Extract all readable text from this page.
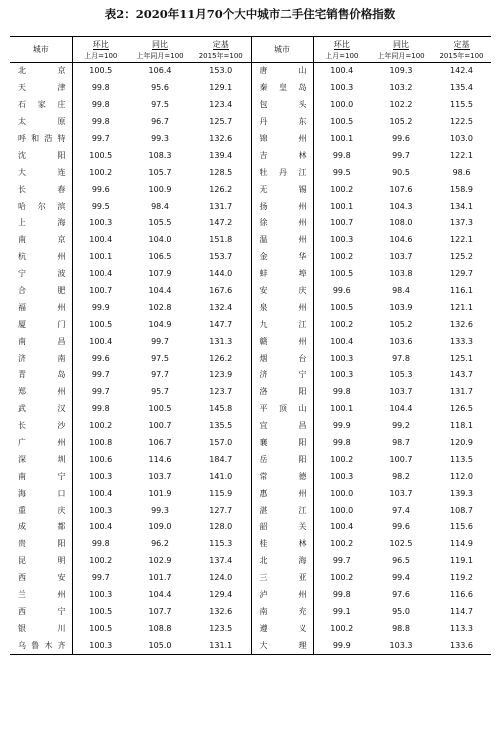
表2：2020年11月70个大中城市二手住宅销售价格指数
城市	环比	同比	定基	城市	环比	同比	定基
	上月=100	上年同月=100	2015年=100		上月=100	上年同月=100	2015年=100
北京	100.5	106.4	153.0	唐山	100.4	109.3	142.4
天津	99.8	95.6	129.1	秦皇岛	100.3	103.2	135.4
石家庄	99.8	97.5	123.4	包头	100.0	102.2	115.5
太原	99.8	96.7	125.7	丹东	100.5	105.2	122.5
呼和浩特	99.7	99.3	132.6	锦州	100.1	99.6	103.0
沈阳	100.5	108.3	139.4	吉林	99.8	99.7	122.1
大连	100.2	105.7	128.5	牡丹江	99.5	90.5	98.6
长春	99.6	100.9	126.2	无锡	100.2	107.6	158.9
哈尔滨	99.5	98.4	131.7	扬州	100.1	104.3	134.1
上海	100.3	105.5	147.2	徐州	100.7	108.0	137.3
南京	100.4	104.0	151.8	温州	100.3	104.6	122.1
杭州	100.1	106.5	153.7	金华	100.2	103.7	125.2
宁波	100.4	107.9	144.0	蚌埠	100.5	103.8	129.7
合肥	100.7	104.4	167.6	安庆	99.6	98.4	116.1
福州	99.9	102.8	132.4	泉州	100.5	103.9	121.1
厦门	100.5	104.9	147.7	九江	100.2	105.2	132.6
南昌	100.4	99.7	131.3	赣州	100.4	103.6	133.3
济南	99.6	97.5	126.2	烟台	100.3	97.8	125.1
青岛	99.7	97.7	123.9	济宁	100.3	105.3	143.7
郑州	99.7	95.7	123.7	洛阳	99.8	103.7	131.7
武汉	99.8	100.5	145.8	平顶山	100.1	104.4	126.5
长沙	100.2	100.7	135.5	宜昌	99.9	99.2	118.1
广州	100.8	106.7	157.0	襄阳	99.8	98.7	120.9
深圳	100.6	114.6	184.7	岳阳	100.2	100.7	113.5
南宁	100.3	103.7	141.0	常德	100.3	98.2	112.0
海口	100.4	101.9	115.9	惠州	100.0	103.7	139.3
重庆	100.3	99.3	127.7	湛江	100.0	97.4	108.7
成都	100.4	109.0	128.0	韶关	100.4	99.6	115.6
贵阳	99.8	96.2	115.3	桂林	100.2	102.5	114.9
昆明	100.2	102.9	137.4	北海	99.7	96.5	119.1
西安	99.7	101.7	124.0	三亚	100.2	99.4	119.2
兰州	100.3	104.4	129.4	泸州	99.8	97.6	116.6
西宁	100.5	107.7	132.6	南充	99.1	95.0	114.7
银川	100.5	108.8	123.5	遵义	100.2	98.8	113.3
乌鲁木齐	100.3	105.0	131.1	大理	99.9	103.3	133.6
